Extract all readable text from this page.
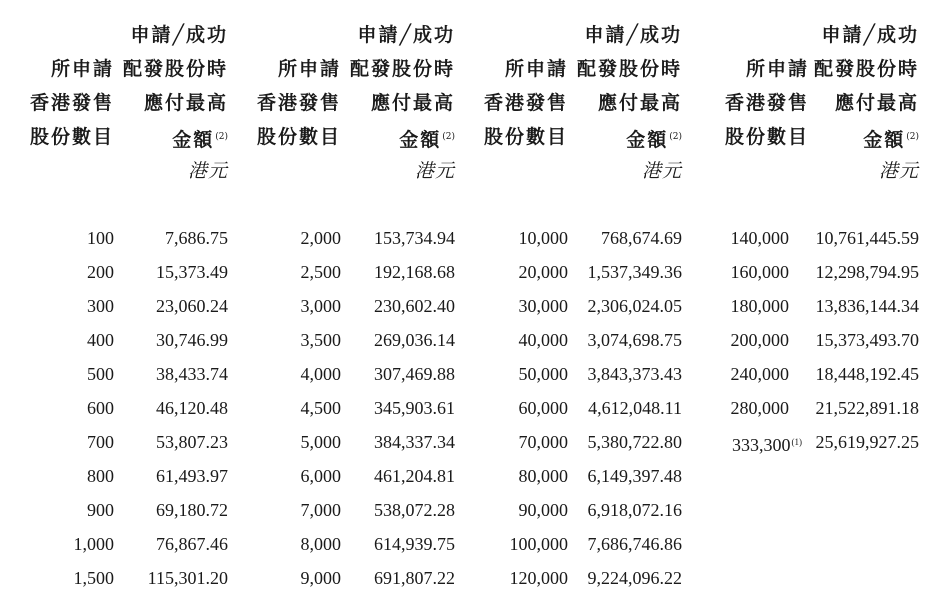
所申請
香港發售
股份數目
申請╱成功
配發股份時
應付最高
金額$^{(2)}$
港元
100	7,686.75
200 15,373.49
300 23,060.24
400 30,746.99
500 38,433.74
600 46,120.48
700 53,807.23
800 61,493.97
900 69,180.72
1,000 76,867.46
1,500 115,301.20

所申請
香港發售
股份數目
申請╱成功
配發股份時
應付最高
金額$^{(2)}$
港元
2,000 153,734.94
2,500 192,168.68
3,000 230,602.40
3,500 269,036.14
4,000 307,469.88
4,500 345,903.61
5,000 384,337.34
6,000 461,204.81
7,000 538,072.28
8,000 614,939.75
9,000 691,807.22

所申請
香港發售
股份數目
申請╱成功
配發股份時
應付最高
金額$^{(2)}$
港元
10,000 768,674.69
20,000 1,537,349.36
30,000 2,306,024.05
40,000 3,074,698.75
50,000 3,843,373.43
60,000 4,612,048.11
70,000 5,380,722.80
80,000 6,149,397.48
90,000 6,918,072.16
100,000 7,686,746.86
120,000 9,224,096.22

所申請
香港發售
股份數目
申請╱成功
配發股份時
應付最高
金額$^{(2)}$
港元
140,000 10,761,445.59
160,000 12,298,794.95
180,000 13,836,144.34
200,000 15,373,493.70
240,000 18,448,192.45
280,000 21,522,891.18
333,300$^{(1)}$ 25,619,927.25
